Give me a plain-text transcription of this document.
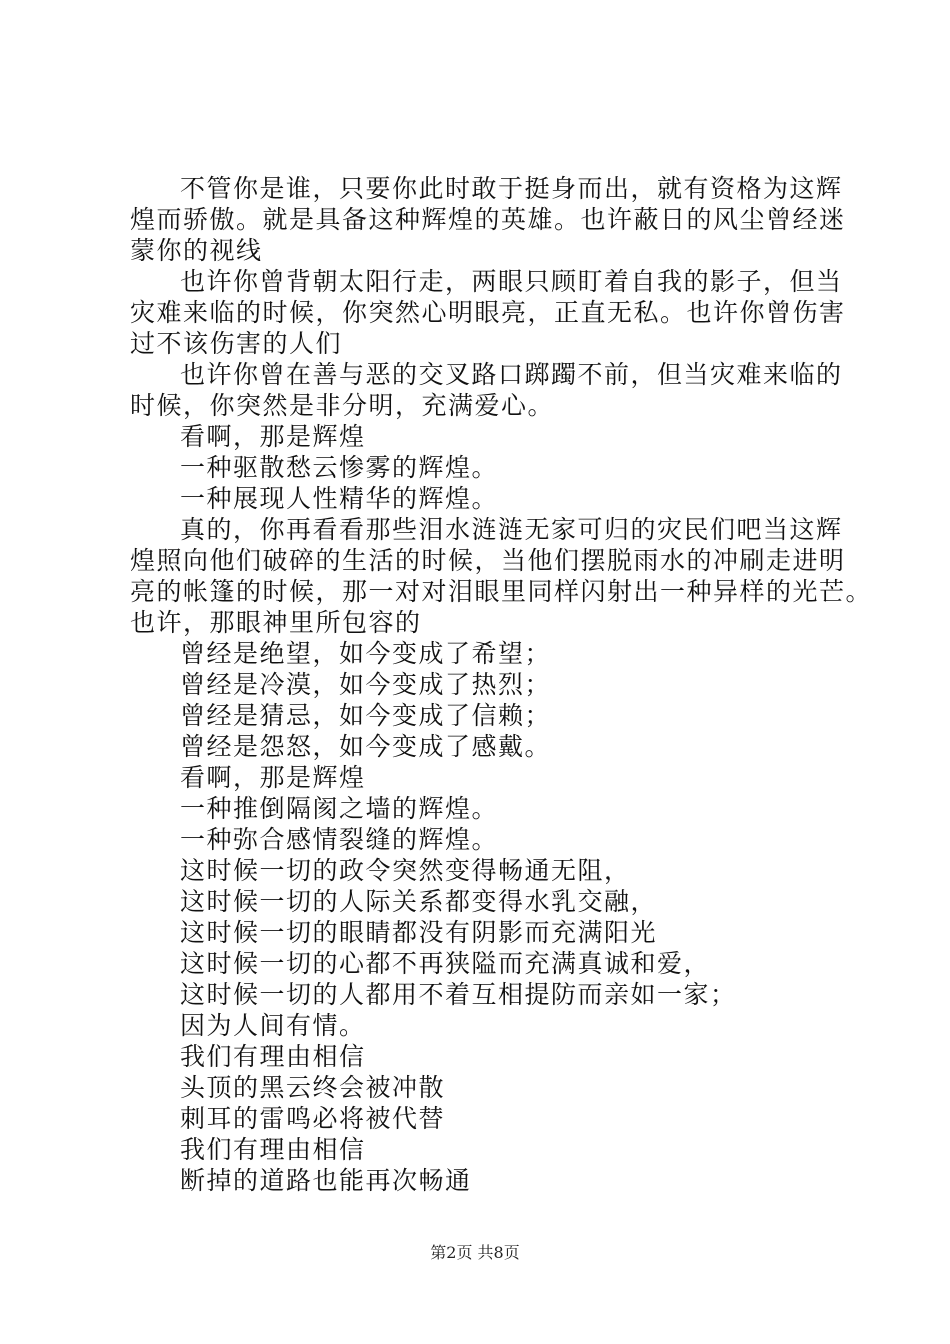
不管你是谁，只要你此时敢于挺身而出，就有资格为这辉
煌而骄傲。就是具备这种辉煌的英雄。也许蔽日的风尘曾经迷
蒙你的视线
也许你曾背朝太阳行走，两眼只顾盯着自我的影子，但当
灾难来临的时候，你突然心明眼亮，正直无私。也许你曾伤害
过不该伤害的人们
也许你曾在善与恶的交叉路口踯躅不前，但当灾难来临的
时候，你突然是非分明，充满爱心。
看啊，那是辉煌
一种驱散愁云惨雾的辉煌。
一种展现人性精华的辉煌。
真的，你再看看那些泪水涟涟无家可归的灾民们吧当这辉
煌照向他们破碎的生活的时候，当他们摆脱雨水的冲刷走进明
亮的帐篷的时候，那一对对泪眼里同样闪射出一种异样的光芒。
也许，那眼神里所包容的
曾经是绝望，如今变成了希望；
曾经是冷漠，如今变成了热烈；
曾经是猜忌，如今变成了信赖；
曾经是怨怒，如今变成了感戴。
看啊，那是辉煌
一种推倒隔阂之墙的辉煌。
一种弥合感情裂缝的辉煌。
这时候一切的政令突然变得畅通无阻，
这时候一切的人际关系都变得水乳交融，
这时候一切的眼睛都没有阴影而充满阳光
这时候一切的心都不再狭隘而充满真诚和爱，
这时候一切的人都用不着互相提防而亲如一家；
因为人间有情。
我们有理由相信
头顶的黑云终会被冲散
刺耳的雷鸣必将被代替
我们有理由相信
断掉的道路也能再次畅通
第2页 共8页
